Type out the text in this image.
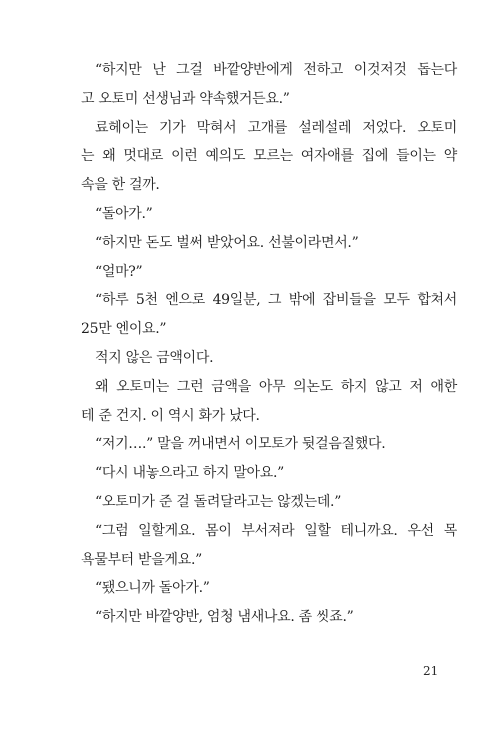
“하지만 난 그걸 바깥양반에게 전하고 이것저것 돕는다
고 오토미 선생님과 약속했거든요.”
료헤이는 기가 막혀서 고개를 설레설레 저었다. 오토미
는 왜 멋대로 이런 예의도 모르는 여자애를 집에 들이는 약
속을 한 걸까.
“돌아가.”
“하지만 돈도 벌써 받았어요. 선불이라면서.”
“얼마?”
“하루 5천 엔으로 49일분, 그 밖에 잡비들을 모두 합쳐서
25만 엔이요.”
적지 않은 금액이다.
왜 오토미는 그런 금액을 아무 의논도 하지 않고 저 애한
테 준 건지. 이 역시 화가 났다.
“저기….” 말을 꺼내면서 이모토가 뒷걸음질했다.
“다시 내놓으라고 하지 말아요.”
“오토미가 준 걸 돌려달라고는 않겠는데.”
“그럼 일할게요. 몸이 부서져라 일할 테니까요. 우선 목
욕물부터 받을게요.”
“됐으니까 돌아가.”
“하지만 바깥양반, 엄청 냄새나요. 좀 씻죠.”
21
